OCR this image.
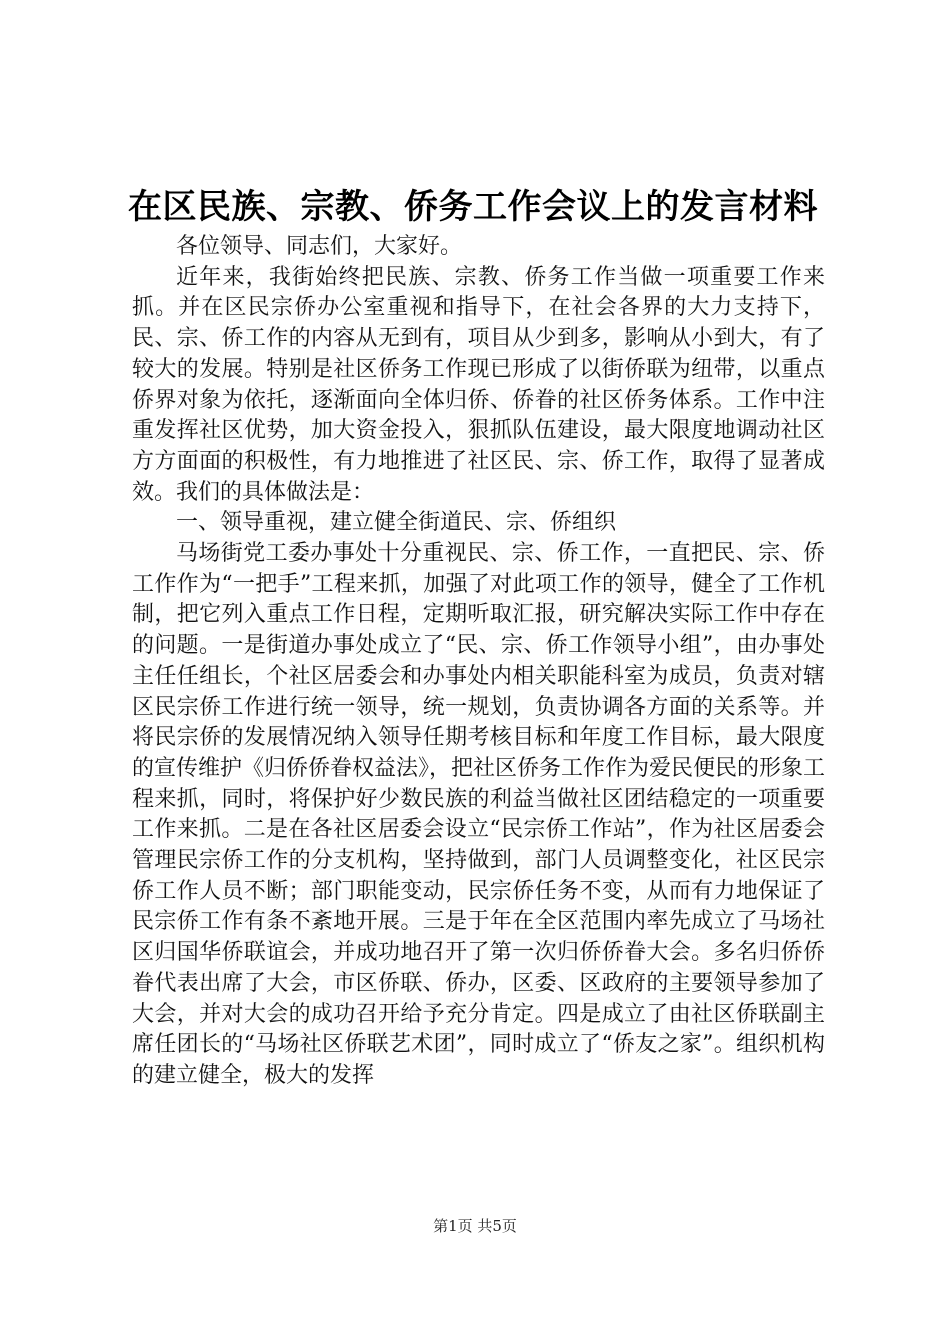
在区民族、宗教、侨务工作会议上的发言材料

各位领导、同志们，大家好。

近年来，我街始终把民族、宗教、侨务工作当做一项重要工作来抓。并在区民宗侨办公室重视和指导下，在社会各界的大力支持下，民、宗、侨工作的内容从无到有，项目从少到多，影响从小到大，有了较大的发展。特别是社区侨务工作现已形成了以街侨联为纽带，以重点侨界对象为依托，逐渐面向全体归侨、侨眷的社区侨务体系。工作中注重发挥社区优势，加大资金投入，狠抓队伍建设，最大限度地调动社区方方面面的积极性，有力地推进了社区民、宗、侨工作，取得了显著成效。我们的具体做法是：

一、领导重视，建立健全街道民、宗、侨组织

马场街党工委办事处十分重视民、宗、侨工作，一直把民、宗、侨工作作为“一把手”工程来抓，加强了对此项工作的领导，健全了工作机制，把它列入重点工作日程，定期听取汇报，研究解决实际工作中存在的问题。一是街道办事处成立了“民、宗、侨工作领导小组”，由办事处主任任组长，个社区居委会和办事处内相关职能科室为成员，负责对辖区民宗侨工作进行统一领导，统一规划，负责协调各方面的关系等。并将民宗侨的发展情况纳入领导任期考核目标和年度工作目标，最大限度的宣传维护《归侨侨眷权益法》，把社区侨务工作作为爱民便民的形象工程来抓，同时，将保护好少数民族的利益当做社区团结稳定的一项重要工作来抓。二是在各社区居委会设立“民宗侨工作站”，作为社区居委会管理民宗侨工作的分支机构，坚持做到，部门人员调整变化，社区民宗侨工作人员不断；部门职能变动，民宗侨任务不变，从而有力地保证了民宗侨工作有条不紊地开展。三是于年在全区范围内率先成立了马场社区归国华侨联谊会，并成功地召开了第一次归侨侨眷大会。多名归侨侨眷代表出席了大会，市区侨联、侨办，区委、区政府的主要领导参加了大会，并对大会的成功召开给予充分肯定。四是成立了由社区侨联副主席任团长的“马场社区侨联艺术团”，同时成立了“侨友之家”。组织机构的建立健全，极大的发挥

第1页 共5页
